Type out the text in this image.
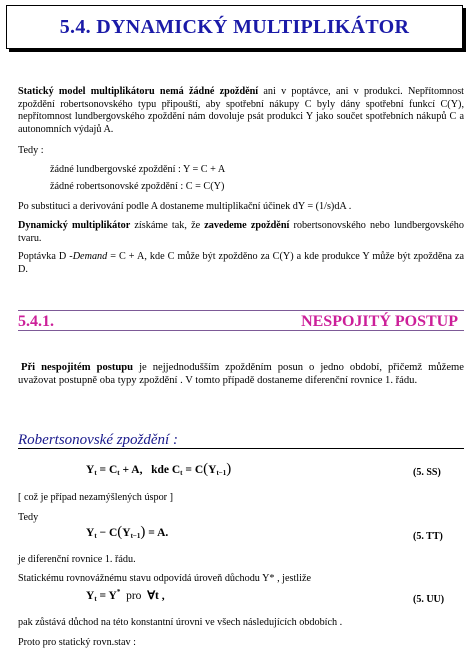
5.4. DYNAMICKÝ MULTIPLIKÁTOR
Statický model multiplikátoru nemá žádné zpoždění ani v poptávce, ani v produkci. Nepřítomnost zpoždění robertsonovského typu připouští, aby spotřební nákupy C byly dány spotřební funkcí C(Y), nepřítomnost lundbergovského zpoždění nám dovoluje psát produkci Y jako součet spotřebních nákupů C a autonomních výdajů A.
Tedy :
žádné lundbergovské zpoždění : Y = C + A
žádné robertsonovské zpoždění : C = C(Y)
Po substituci a derivování podle A dostaneme multiplikační účinek dY = (1/s)dA .
Dynamický multiplikátor získáme tak, že zavedeme zpoždění robertsonovského nebo lundbergovského tvaru.
Poptávka D -Demand = C + A, kde C může být zpožděno za C(Y) a kde produkce Y může být zpožděna za D.
5.4.1.	NESPOJITÝ POSTUP
Při nespojitém postupu je nejjednodušším zpožděním posun o jedno období, přičemž můžeme uvažovat postupně oba typy zpoždění . V tomto případě dostaneme diferenční rovnice 1. řádu.
Robertsonovské zpoždění :
$Y_t = C_t + A$,   kde $C_t = C(Y_{t-1})$	(5. SS)
[ což je případ nezamýšlených úspor ]
Tedy
$Y_t - C(Y_{t-1}) = A$.	(5. TT)
je diferenční rovnice 1. řádu.
Statickému rovnovážnému stavu odpovídá úroveň důchodu Y* , jestliže
$Y_t = Y^*$ pro  ∀t ,	(5. UU)
pak zůstává důchod na této konstantní úrovni ve všech následujících obdobích .
Proto pro statický rovn.stav :
